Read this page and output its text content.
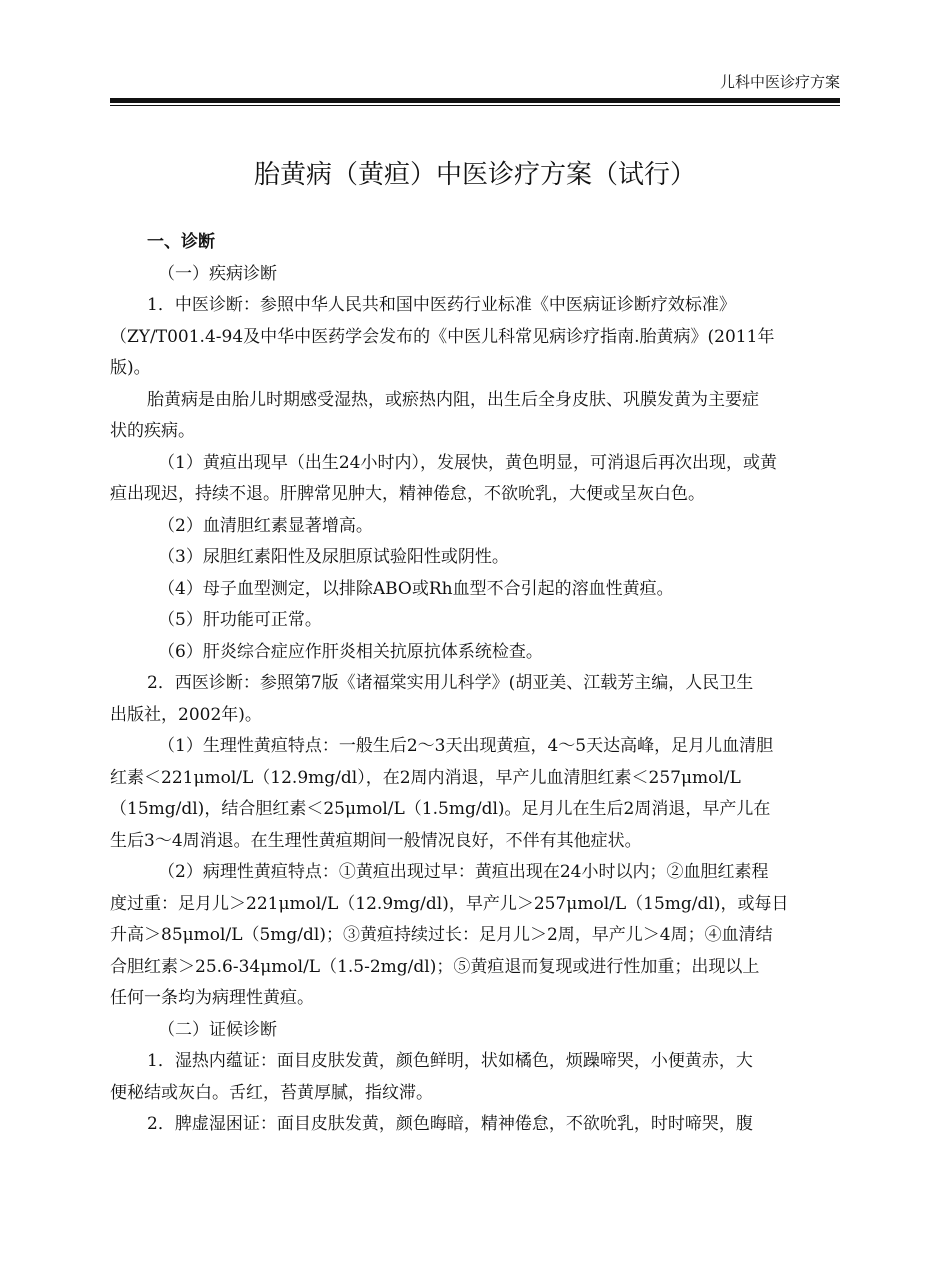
儿科中医诊疗方案
胎黄病（黄疸）中医诊疗方案（试行）

一、诊断

（一）疾病诊断

1．中医诊断：参照中华人民共和国中医药行业标准《中医病证诊断疗效标准》

（ZY/T001.4-94及中华中医药学会发布的《中医儿科常见病诊疗指南.胎黄病》(2011年

版)。

胎黄病是由胎儿时期感受湿热，或瘀热内阻，出生后全身皮肤、巩膜发黄为主要症

状的疾病。

（1）黄疸出现早（出生24小时内），发展快，黄色明显，可消退后再次出现，或黄

疸出现迟，持续不退。肝脾常见肿大，精神倦怠，不欲吮乳，大便或呈灰白色。

（2）血清胆红素显著增高。

（3）尿胆红素阳性及尿胆原试验阳性或阴性。

（4）母子血型测定，以排除ABO或Rh血型不合引起的溶血性黄疸。

（5）肝功能可正常。

（6）肝炎综合症应作肝炎相关抗原抗体系统检查。

2．西医诊断：参照第7版《诸福棠实用儿科学》(胡亚美、江载芳主编，人民卫生

出版社，2002年)。

（1）生理性黄疸特点：一般生后2～3天出现黄疸，4～5天达高峰，足月儿血清胆

红素＜221μmol/L（12.9mg/dl），在2周内消退，早产儿血清胆红素＜257μmol/L

（15mg/dl)，结合胆红素＜25μmol/L（1.5mg/dl)。足月儿在生后2周消退，早产儿在

生后3～4周消退。在生理性黄疸期间一般情况良好，不伴有其他症状。

（2）病理性黄疸特点：①黄疸出现过早：黄疸出现在24小时以内；②血胆红素程

度过重：足月儿＞221μmol/L（12.9mg/dl)，早产儿＞257μmol/L（15mg/dl)，或每日

升高＞85μmol/L（5mg/dl)；③黄疸持续过长：足月儿＞2周，早产儿＞4周；④血清结

合胆红素＞25.6-34μmol/L（1.5-2mg/dl)；⑤黄疸退而复现或进行性加重；出现以上

任何一条均为病理性黄疸。

（二）证候诊断

1．湿热内蕴证：面目皮肤发黄，颜色鲜明，状如橘色，烦躁啼哭，小便黄赤，大

便秘结或灰白。舌红，苔黄厚腻，指纹滞。

2．脾虚湿困证：面目皮肤发黄，颜色晦暗，精神倦怠，不欲吮乳，时时啼哭，腹
